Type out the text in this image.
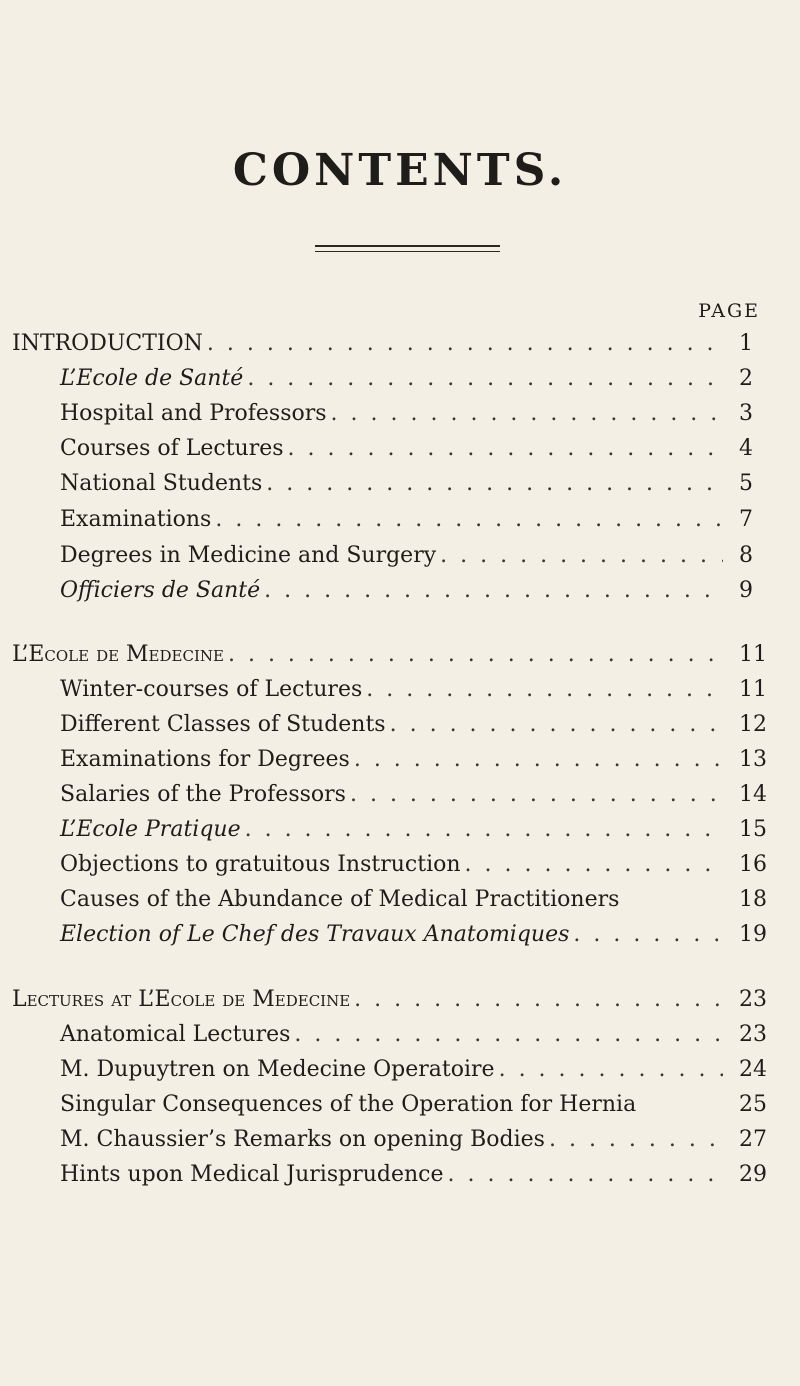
CONTENTS.
PAGE
INTRODUCTION . . .	1
L’Ecole de Santé . . .	2
Hospital and Professors . . .	3
Courses of Lectures . . .	4
National Students . . .	5
Examinations . . .	7
Degrees in Medicine and Surgery . . .	8
Officiers de Santé . . .	9
L’Ecole de Medecine . . .	11
Winter-courses of Lectures . . .	11
Different Classes of Students . . .	12
Examinations for Degrees . . .	13
Salaries of the Professors . . .	14
L’Ecole Pratique . . .	15
Objections to gratuitous Instruction . . .	16
Causes of the Abundance of Medical Practitioners	18
Election of Le Chef des Travaux Anatomiques . . .	19
Lectures at L’Ecole de Medecine . . .	23
Anatomical Lectures . . .	23
M. Dupuytren on Medecine Operatoire . . .	24
Singular Consequences of the Operation for Hernia	25
M. Chaussier’s Remarks on opening Bodies . . .	27
Hints upon Medical Jurisprudence . . .	29
